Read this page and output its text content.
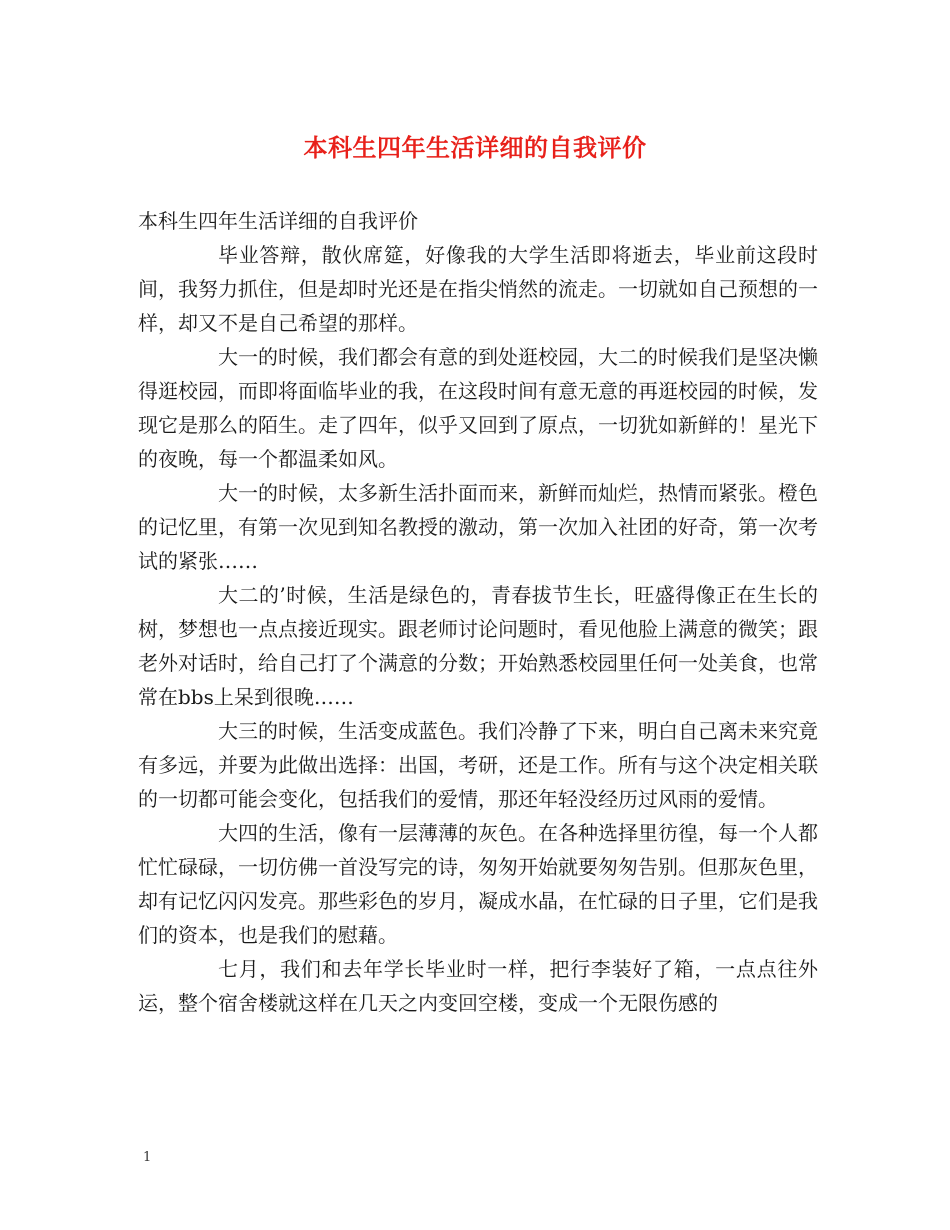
本科生四年生活详细的自我评价

本科生四年生活详细的自我评价

毕业答辩，散伙席筵，好像我的大学生活即将逝去，毕业前这段时间，我努力抓住，但是却时光还是在指尖悄然的流走。一切就如自己预想的一样，却又不是自己希望的那样。

大一的时候，我们都会有意的到处逛校园，大二的时候我们是坚决懒得逛校园，而即将面临毕业的我，在这段时间有意无意的再逛校园的时候，发现它是那么的陌生。走了四年，似乎又回到了原点，一切犹如新鲜的！星光下的夜晚，每一个都温柔如风。

大一的时候，太多新生活扑面而来，新鲜而灿烂，热情而紧张。橙色的记忆里，有第一次见到知名教授的激动，第一次加入社团的好奇，第一次考试的紧张……

大二的’时候，生活是绿色的，青春拔节生长，旺盛得像正在生长的树，梦想也一点点接近现实。跟老师讨论问题时，看见他脸上满意的微笑；跟老外对话时，给自己打了个满意的分数；开始熟悉校园里任何一处美食，也常常在bbs上呆到很晚……

大三的时候，生活变成蓝色。我们冷静了下来，明白自己离未来究竟有多远，并要为此做出选择：出国，考研，还是工作。所有与这个决定相关联的一切都可能会变化，包括我们的爱情，那还年轻没经历过风雨的爱情。

大四的生活，像有一层薄薄的灰色。在各种选择里彷徨，每一个人都忙忙碌碌，一切仿佛一首没写完的诗，匆匆开始就要匆匆告别。但那灰色里，却有记忆闪闪发亮。那些彩色的岁月，凝成水晶，在忙碌的日子里，它们是我们的资本，也是我们的慰藉。

七月，我们和去年学长毕业时一样，把行李装好了箱，一点点往外运，整个宿舍楼就这样在几天之内变回空楼，变成一个无限伤感的

1
